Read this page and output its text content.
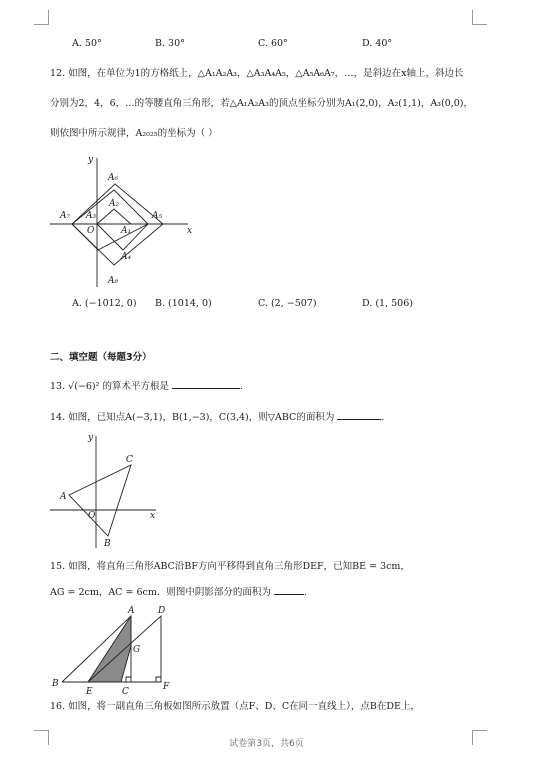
A. 50°	B. 30°	C. 60°	D. 40°
12. 如图，在单位为1的方格纸上，△A₁A₂A₃，△A₃A₄A₅，△A₅A₆A₇，…，是斜边在x轴上，斜边长
分别为2，4，6，…的等腰直角三角形，若△A₁A₂A₃的顶点坐标分别为A₁(2,0)，A₂(1,1)，A₃(0,0)，
则依图中所示规律，A₂₀₂₅的坐标为（ ）
y
x
O	A₁
A₂
A₃
A₄
A₅
A₆
A₇
A₈
A. (−1012, 0) B. (1014, 0)	C. (2, −507)	D. (1, 506)
二、填空题（每题3分）
13. √(−6)² 的算术平方根是	.
14. 如图，已知点A(−3,1)，B(1,−3)，C(3,4)，则▽ABC的面积为	.
y
x
O
A
C
B
15. 如图，将直角三角形ABC沿BF方向平移得到直角三角形DEF，已知BE = 3cm，
AG = 2cm，AC = 6cm．则图中阴影部分的面积为	.
A	D
G
B
E	C	F
16. 如图，将一副直角三角板如图所示放置（点F、D、C在同一直线上），点B在DE上，
试卷第3页，共6页
